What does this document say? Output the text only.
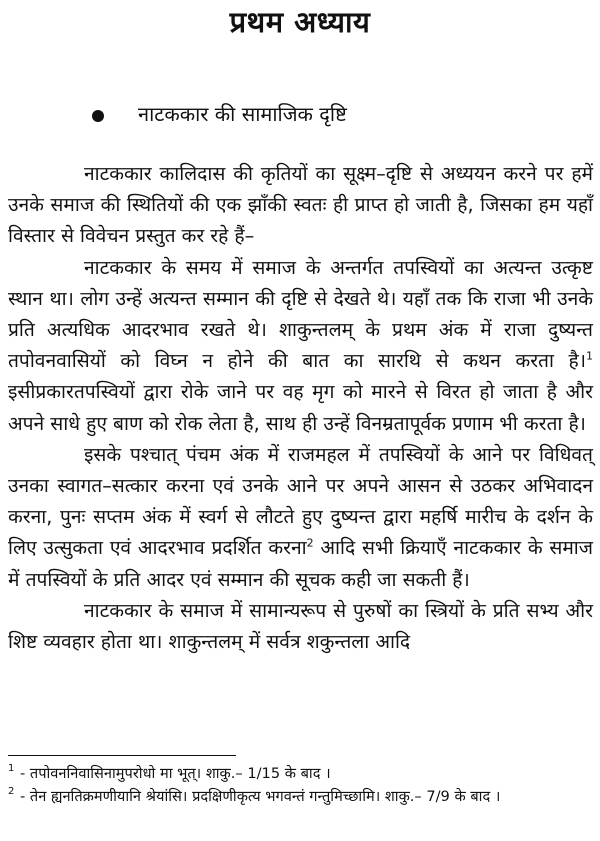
प्रथम अध्याय
नाटककार की सामाजिक दृष्टि

नाटककार कालिदास की कृतियों का सूक्ष्म–दृष्टि से अध्ययन करने पर हमें उनके समाज की स्थितियों की एक झाँकी स्वतः ही प्राप्त हो जाती है, जिसका हम यहाँ विस्तार से विवेचन प्रस्तुत कर रहे हैं–

नाटककार के समय में समाज के अन्तर्गत तपस्वियों का अत्यन्त उत्कृष्ट स्थान था। लोग उन्हें अत्यन्त सम्मान की दृष्टि से देखते थे। यहाँ तक कि राजा भी उनके प्रति अत्यधिक आदरभाव रखते थे। शाकुन्तलम् के प्रथम अंक में राजा दुष्यन्त तपोवनवासियों को विघ्न न होने की बात का सारथि से कथन करता है।$^1$ इसीप्रकारतपस्वियों द्वारा रोके जाने पर वह मृग को मारने से विरत हो जाता है और अपने साधे हुए बाण को रोक लेता है, साथ ही उन्हें विनम्रतापूर्वक प्रणाम भी करता है।

इसके पश्चात् पंचम अंक में राजमहल में तपस्वियों के आने पर विधिवत् उनका स्वागत–सत्कार करना एवं उनके आने पर अपने आसन से उठकर अभिवादन करना, पुनः सप्तम अंक में स्वर्ग से लौटते हुए दुष्यन्त द्वारा महर्षि मारीच के दर्शन के लिए उत्सुकता एवं आदरभाव प्रदर्शित करना$^2$ आदि सभी क्रियाएँ नाटककार के समाज में तपस्वियों के प्रति आदर एवं सम्मान की सूचक कही जा सकती हैं।

नाटककार के समाज में सामान्यरूप से पुरुषों का स्त्रियों के प्रति सभ्य और शिष्ट व्यवहार होता था। शाकुन्तलम् में सर्वत्र शकुन्तला आदि

1 - तपोवननिवासिनामुपरोधो मा भूत्। शाकु.– 1/15 के बाद ।
2 - तेन ह्यनतिक्रमणीयानि श्रेयांसि। प्रदक्षिणीकृत्य भगवन्तं गन्तुमिच्छामि। शाकु.– 7/9 के बाद ।
